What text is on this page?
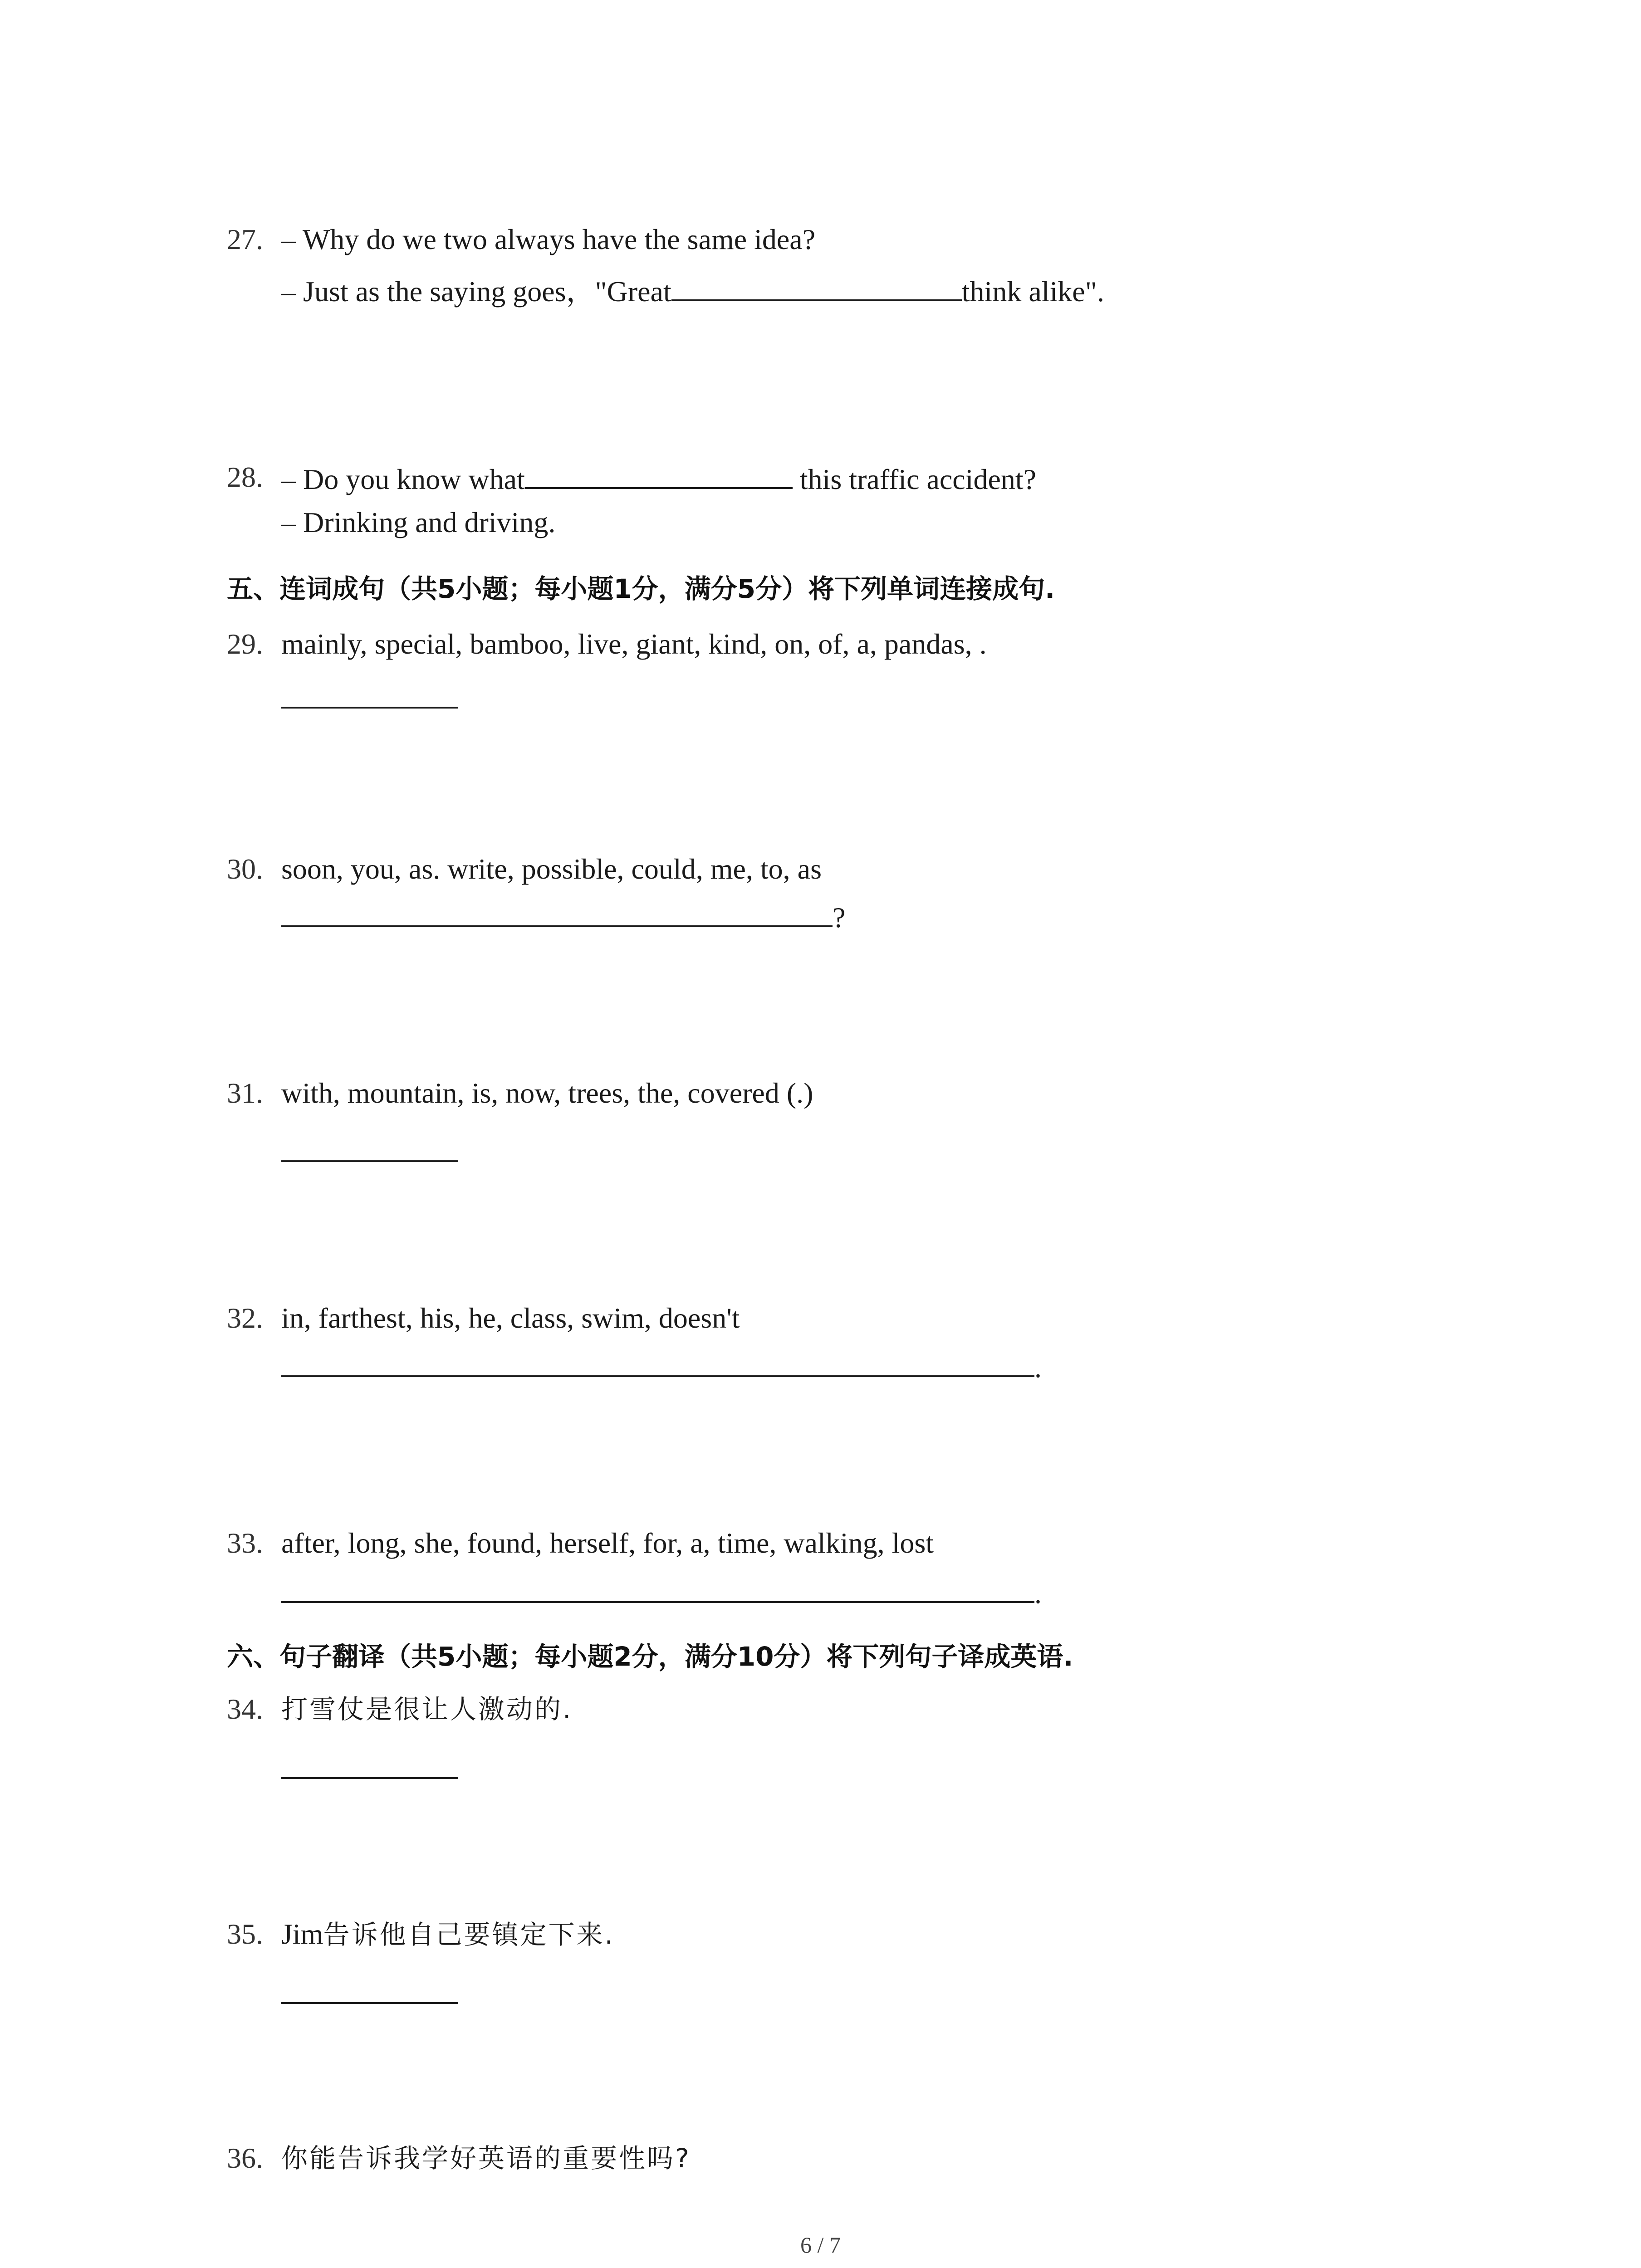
27. – Why do we two always have the same idea?
– Just as the saying goes，"Great	think alike".
28. – Do you know what	this traffic accident?
– Drinking and driving.
五、连词成句（共5小题；每小题1分，满分5分）将下列单词连接成句.
29. mainly, special, bamboo, live, giant, kind, on, of, a, pandas, .
30. soon, you, as. write, possible, could, me, to, as
?
31. with, mountain, is, now, trees, the, covered (.)
32. in, farthest, his, he, class, swim, doesn't
.
33. after, long, she, found, herself, for, a, time, walking, lost
.
六、句子翻译（共5小题；每小题2分，满分10分）将下列句子译成英语.
34. 打雪仗是很让人激动的.
35. Jim告诉他自己要镇定下来.
36. 你能告诉我学好英语的重要性吗?
6 / 7
